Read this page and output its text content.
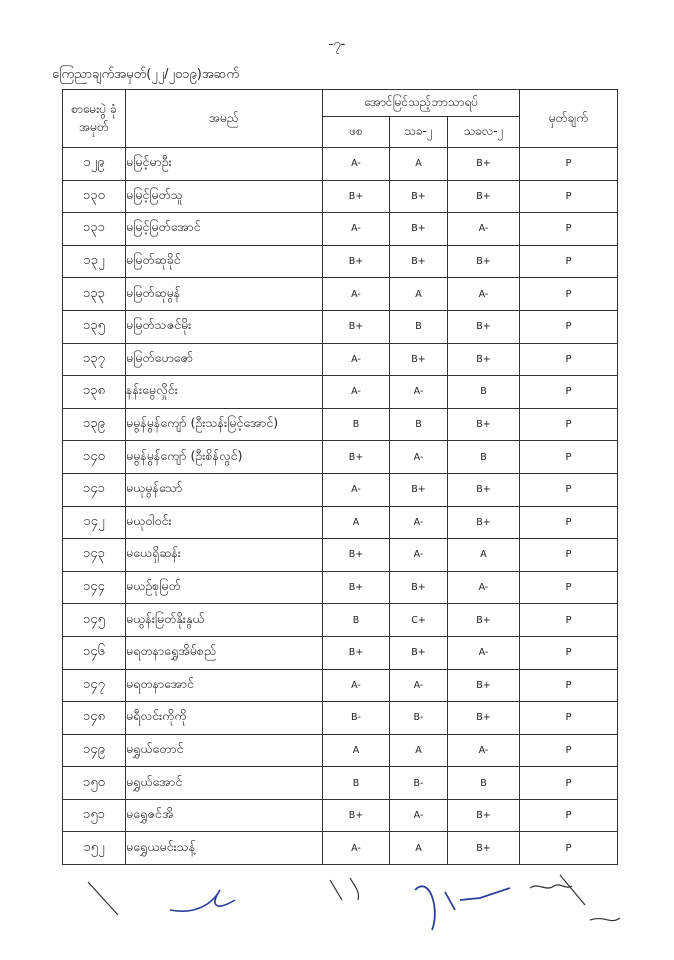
-၇-
ကြေညာချက်အမှတ်(၂၂/၂၀၁၉)အဆက်
စာမေးပွဲ ခုံအမှတ်	အမည်	အောင်မြင်သည့်ဘာသာရပ်			မှတ်ချက်
		ဖစ	သခ-၂	သခလ-၂	
၁၂၉	မမြင့်မာဦး	A-	A	B+	P
၁၃၀	မမြင့်မြတ်သူ	B+	B+	B+	P
၁၃၁	မမြင့်မြတ်အောင်	A-	B+	A-	P
၁၃၂	မမြတ်ဆုခိုင်	B+	B+	B+	P
၁၃၃	မမြတ်ဆုမွန်	A-	A	A-	P
၁၃၅	မမြတ်သဇင်မိုး	B+	B	B+	P
၁၃၇	မမြတ်ဟေဇော်	A-	B+	B+	P
၁၃၈	နန်းမွေလှိုင်း	A-	A-	B	P
၁၃၉	မမွန်မွန်ကျော် (ဦးသန်းမြင့်အောင်)	B	B	B+	P
၁၄၀	မမွန်မွန်ကျော် (ဦးစိန်လွင်)	B+	A-	B	P
၁၄၁	မယုမွန်သော်	A-	B+	B+	P
၁၄၂	မယုဝါဝင်း	A	A-	B+	P
၁၄၃	မယေရှိဆန်း	B+	A-	A	P
၁၄၄	မယဉ်စုမြတ်	B+	B+	A-	P
၁၄၅	မယွန်းမြတ်နိုးနွယ်	B	C+	B+	P
၁၄၆	မရတနာရွှေအိမ်စည်	B+	B+	A-	P
၁၄၇	မရတနာအောင်	A-	A-	B+	P
၁၄၈	မရီလင်းကိုကို	B-	B-	B+	P
၁၄၉	မရွှယ်တောင်	A	A	A-	P
၁၅၀	မရွှယ်အောင်	B	B-	B	P
၁၅၁	မရွှေဇင်အိ	B+	A-	B+	P
၁၅၂	မရွှေယမင်းသန့်	A-	A	B+	P
